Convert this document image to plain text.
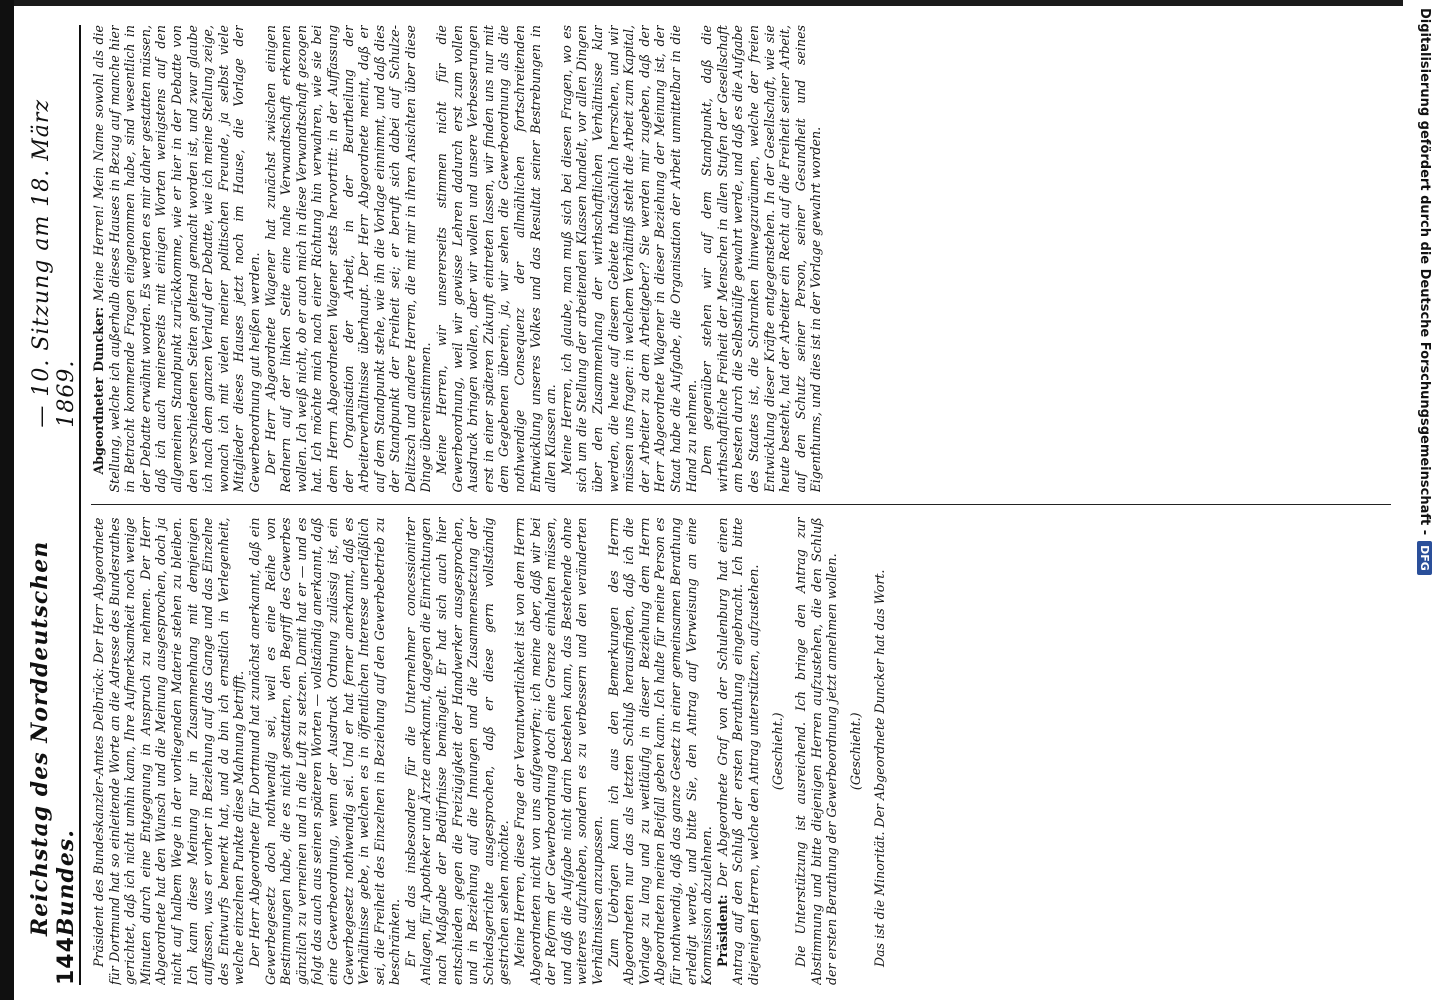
144
Reichstag des Norddeutschen Bundes.
— 10. Sitzung am 18. März 1869.

Präsident des Bundeskanzler-Amtes Delbrück: Der Herr Abgeordnete für Dortmund hat so einleitende Worte an die Adresse des Bundesrathes gerichtet, daß ich nicht umhin kann, Ihre Aufmerksamkeit noch wenige Minuten durch eine Entgegnung in Anspruch zu nehmen. Der Herr Abgeordnete hat den Wunsch und die Meinung ausgesprochen, doch ja nicht auf halbem Wege in der vorliegenden Materie stehen zu bleiben. Ich kann diese Meinung nur in Zusammenhang mit demjenigen auffassen, was er vorher in Beziehung auf das Gange und das Einzelne des Entwurfs bemerkt hat, und da bin ich ernstlich in Verlegenheit, welche einzelnen Punkte diese Mahnung betrifft. Der Herr Abgeordnete für Dortmund hat zunächst anerkannt, daß ein Gewerbegesetz doch nothwendig sei, weil es eine Reihe von Bestimmungen habe, die es nicht gestatten, den Begriff des Gewerbes gänzlich zu verneinen und in die Luft zu setzen. Damit hat er — und es folgt das auch aus seinen späteren Worten — vollständig anerkannt, daß eine Gewerbeordnung, wenn der Ausdruck Ordnung zulässig ist, ein Gewerbegesetz nothwendig sei. Und er hat ferner anerkannt, daß es Verhältnisse gebe, in welchen es in öffentlichen Interesse unerläßlich sei, die Freiheit des Einzelnen in Beziehung auf den Gewerbebetrieb zu beschränken. Er hat das insbesondere für die Unternehmer concessionirter Anlagen, für Apotheker und Ärzte anerkannt, dagegen die Einrichtungen nach Maßgabe der Bedürfnisse bemängelt. Er hat sich auch hier entschieden gegen die Freizügigkeit der Handwerker ausgesprochen, und in Beziehung auf die Innungen und die Zusammensetzung der Schiedsgerichte ausgesprochen, daß er diese gern vollständig gestrichen sehen möchte. Meine Herren, diese Frage der Verantwortlichkeit ist von dem Herrn Abgeordneten nicht von uns aufgeworfen; ich meine aber, daß wir bei der Reform der Gewerbeordnung doch eine Grenze einhalten müssen, und daß die Aufgabe nicht darin bestehen kann, das Bestehende ohne weiteres aufzuheben, sondern es zu verbessern und den veränderten Verhältnissen anzupassen. Zum Uebrigen kann ich aus den Bemerkungen des Herrn Abgeordneten nur das als letzten Schluß herausfinden, daß ich die Vorlage zu lang und zu weitläufig in dieser Beziehung dem Herrn Abgeordneten meinen Beifall geben kann. Ich halte für meine Person es für nothwendig, daß das ganze Gesetz in einer gemeinsamen Berathung erledigt werde, und bitte Sie, den Antrag auf Verweisung an eine Kommission abzulehnen. Präsident: Der Abgeordnete Graf von der Schulenburg hat einen Antrag auf den Schluß der ersten Berathung eingebracht. Ich bitte diejenigen Herren, welche den Antrag unterstützen, aufzustehen. (Geschieht.) Die Unterstützung ist ausreichend. Ich bringe den Antrag zur Abstimmung und bitte diejenigen Herren aufzustehen, die den Schluß der ersten Berathung der Gewerbeordnung jetzt annehmen wollen. (Geschieht.) Das ist die Minorität. Der Abgeordnete Duncker hat das Wort.

Abgeordneter Duncker: Meine Herren! Mein Name sowohl als die Stellung, welche ich außerhalb dieses Hauses in Bezug auf manche hier in Betracht kommende Fragen eingenommen habe, sind wesentlich in der Debatte erwähnt worden. Es werden es mir daher gestatten müssen, daß ich auch meinerseits mit einigen Worten wenigstens auf den allgemeinen Standpunkt zurückkomme, wie er hier in der Debatte von den verschiedenen Seiten geltend gemacht worden ist, und zwar glaube ich nach dem ganzen Verlauf der Debatte, wie ich meine Stellung zeige, wonach ich mit vielen meiner politischen Freunde, ja selbst viele Mitglieder dieses Hauses jetzt noch im Hause, die Vorlage der Gewerbeordnung gut heißen werden. Der Herr Abgeordnete Wagener hat zunächst zwischen einigen Rednern auf der linken Seite eine nahe Verwandtschaft erkennen wollen. Ich weiß nicht, ob er auch mich in diese Verwandtschaft gezogen hat. Ich möchte mich nach einer Richtung hin verwahren, wie sie bei dem Herrn Abgeordneten Wagener stets hervortritt: in der Auffassung der Organisation der Arbeit, in der Beurtheilung der Arbeiterverhältnisse überhaupt. Der Herr Abgeordnete meint, daß er auf dem Standpunkt stehe, wie ihn die Vorlage einnimmt, und daß dies der Standpunkt der Freiheit sei; er beruft sich dabei auf Schulze-Delitzsch und andere Herren, die mit mir in ihren Ansichten über diese Dinge übereinstimmen. Meine Herren, wir unsererseits stimmen nicht für die Gewerbeordnung, weil wir gewisse Lehren dadurch erst zum vollen Ausdruck bringen wollen, aber wir wollen und unsere Verbesserungen erst in einer späteren Zukunft eintreten lassen, wir finden uns nur mit dem Gegebenen überein, ja, wir sehen die Gewerbeordnung als die nothwendige Consequenz der allmählichen fortschreitenden Entwicklung unseres Volkes und das Resultat seiner Bestrebungen in allen Klassen an. Meine Herren, ich glaube, man muß sich bei diesen Fragen, wo es sich um die Stellung der arbeitenden Klassen handelt, vor allen Dingen über den Zusammenhang der wirthschaftlichen Verhältnisse klar werden, die heute auf diesem Gebiete thatsächlich herrschen, und wir müssen uns fragen: in welchem Verhältniß steht die Arbeit zum Kapital, der Arbeiter zu dem Arbeitgeber? Sie werden mir zugeben, daß der Herr Abgeordnete Wagener in dieser Beziehung der Meinung ist, der Staat habe die Aufgabe, die Organisation der Arbeit unmittelbar in die Hand zu nehmen. Dem gegenüber stehen wir auf dem Standpunkt, daß die wirthschaftliche Freiheit der Menschen in allen Stufen der Gesellschaft am besten durch die Selbsthülfe gewahrt werde, und daß es die Aufgabe des Staates ist, die Schranken hinwegzuräumen, welche der freien Entwicklung dieser Kräfte entgegenstehen. In der Gesellschaft, wie sie heute besteht, hat der Arbeiter ein Recht auf die Freiheit seiner Arbeit, auf den Schutz seiner Person, seiner Gesundheit und seines Eigenthums, und dies ist in der Vorlage gewahrt worden.	Digitalisierung gefördert durch die Deutsche Forschungsgemeinschaft -
DFG
